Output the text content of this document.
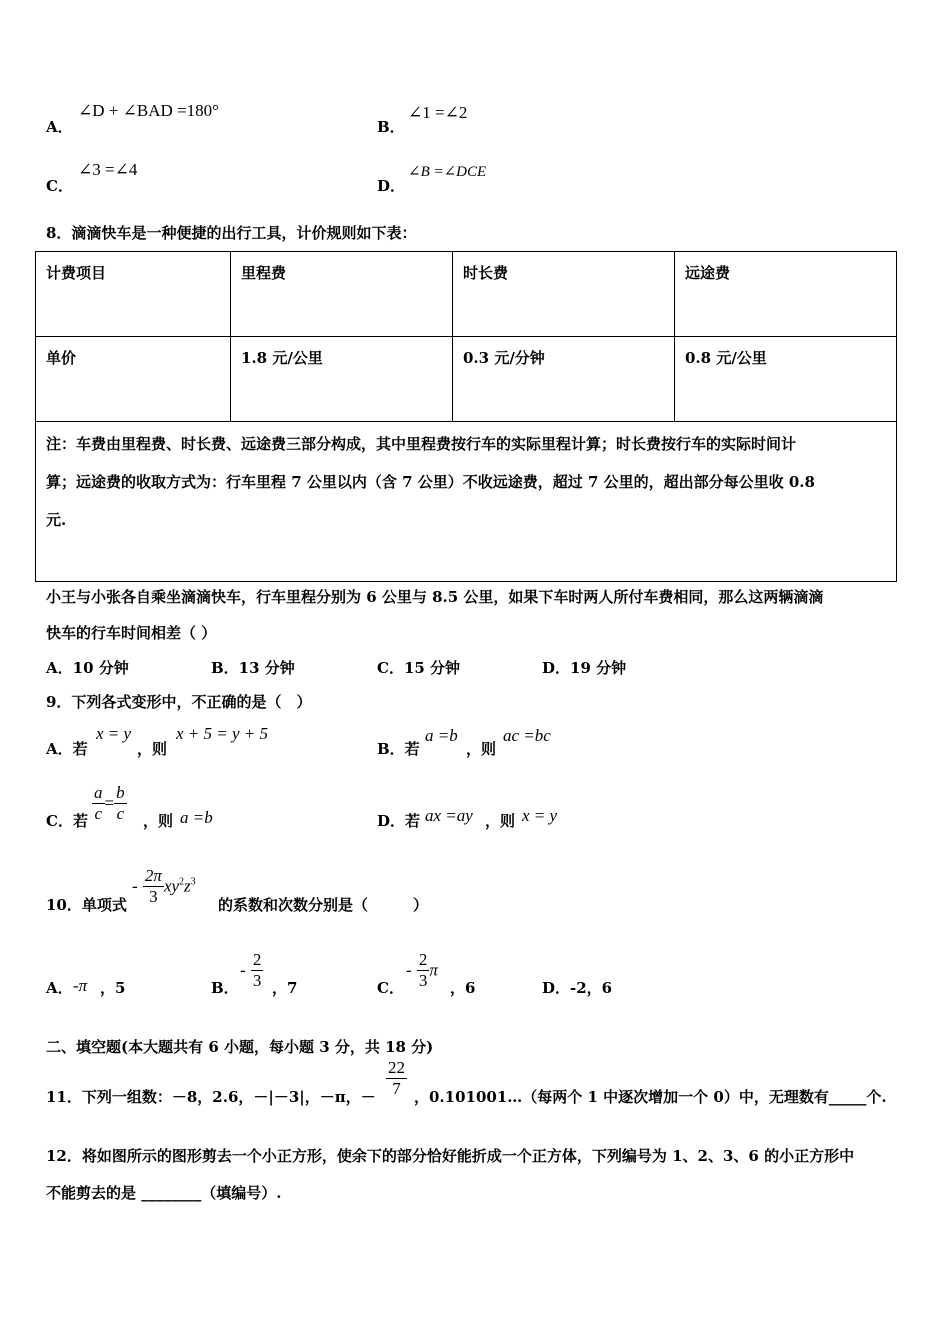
A．
∠D + ∠BAD =180°
B．
∠1 =∠2
C．
∠3 =∠4
D．
∠B =∠DCE
8．滴滴快车是一种便捷的出行工具，计价规则如下表：
计费项目	里程费	时长费	远途费
单价	1.8 元/公里	0.3 元/分钟	0.8 元/公里

注：车费由里程费、时长费、远途费三部分构成，其中里程费按行车的实际里程计算；时长费按行车的实际时间计
算；远途费的收取方式为：行车里程 7 公里以内（含 7 公里）不收远途费，超过 7 公里的，超出部分每公里收 0.8
元.			
小王与小张各自乘坐滴滴快车，行车里程分别为 6 公里与 8.5 公里，如果下车时两人所付车费相同，那么这两辆滴滴
快车的行车时间相差（ ）
A．10 分钟	B．13 分钟	C．15 分钟	D．19 分钟
9．下列各式变形中，不正确的是（　）
A．若
x = y
，则
x + 5 = y + 5
B．若
a =b
，则
ac =bc
C．若 $\frac{a}{c} = \frac{b}{c}$ ，则 a =b	D．若 ax =ay ，则 x = y
10．单项式
- $\frac{2\pi}{3} xy^2z^3$
的系数和次数分别是（　　　）
A． -π ，5	B．
- $\frac{2}{3}$ ，7	C．
- $\frac{2}{3}$ π
，6	D． -2，6
二、填空题(本大题共有 6 小题，每小题 3 分，共 18 分)
11．下列一组数：－8，2.6，－|－3|，－π，－ $\frac{22}{7}$ ，0.101001…（每两个 1 中逐次增加一个 0）中，无理数有_____个.
12．将如图所示的图形剪去一个小正方形，使余下的部分恰好能折成一个正方体，下列编号为 1、2、3、6 的小正方形中
不能剪去的是 ________（填编号）.
